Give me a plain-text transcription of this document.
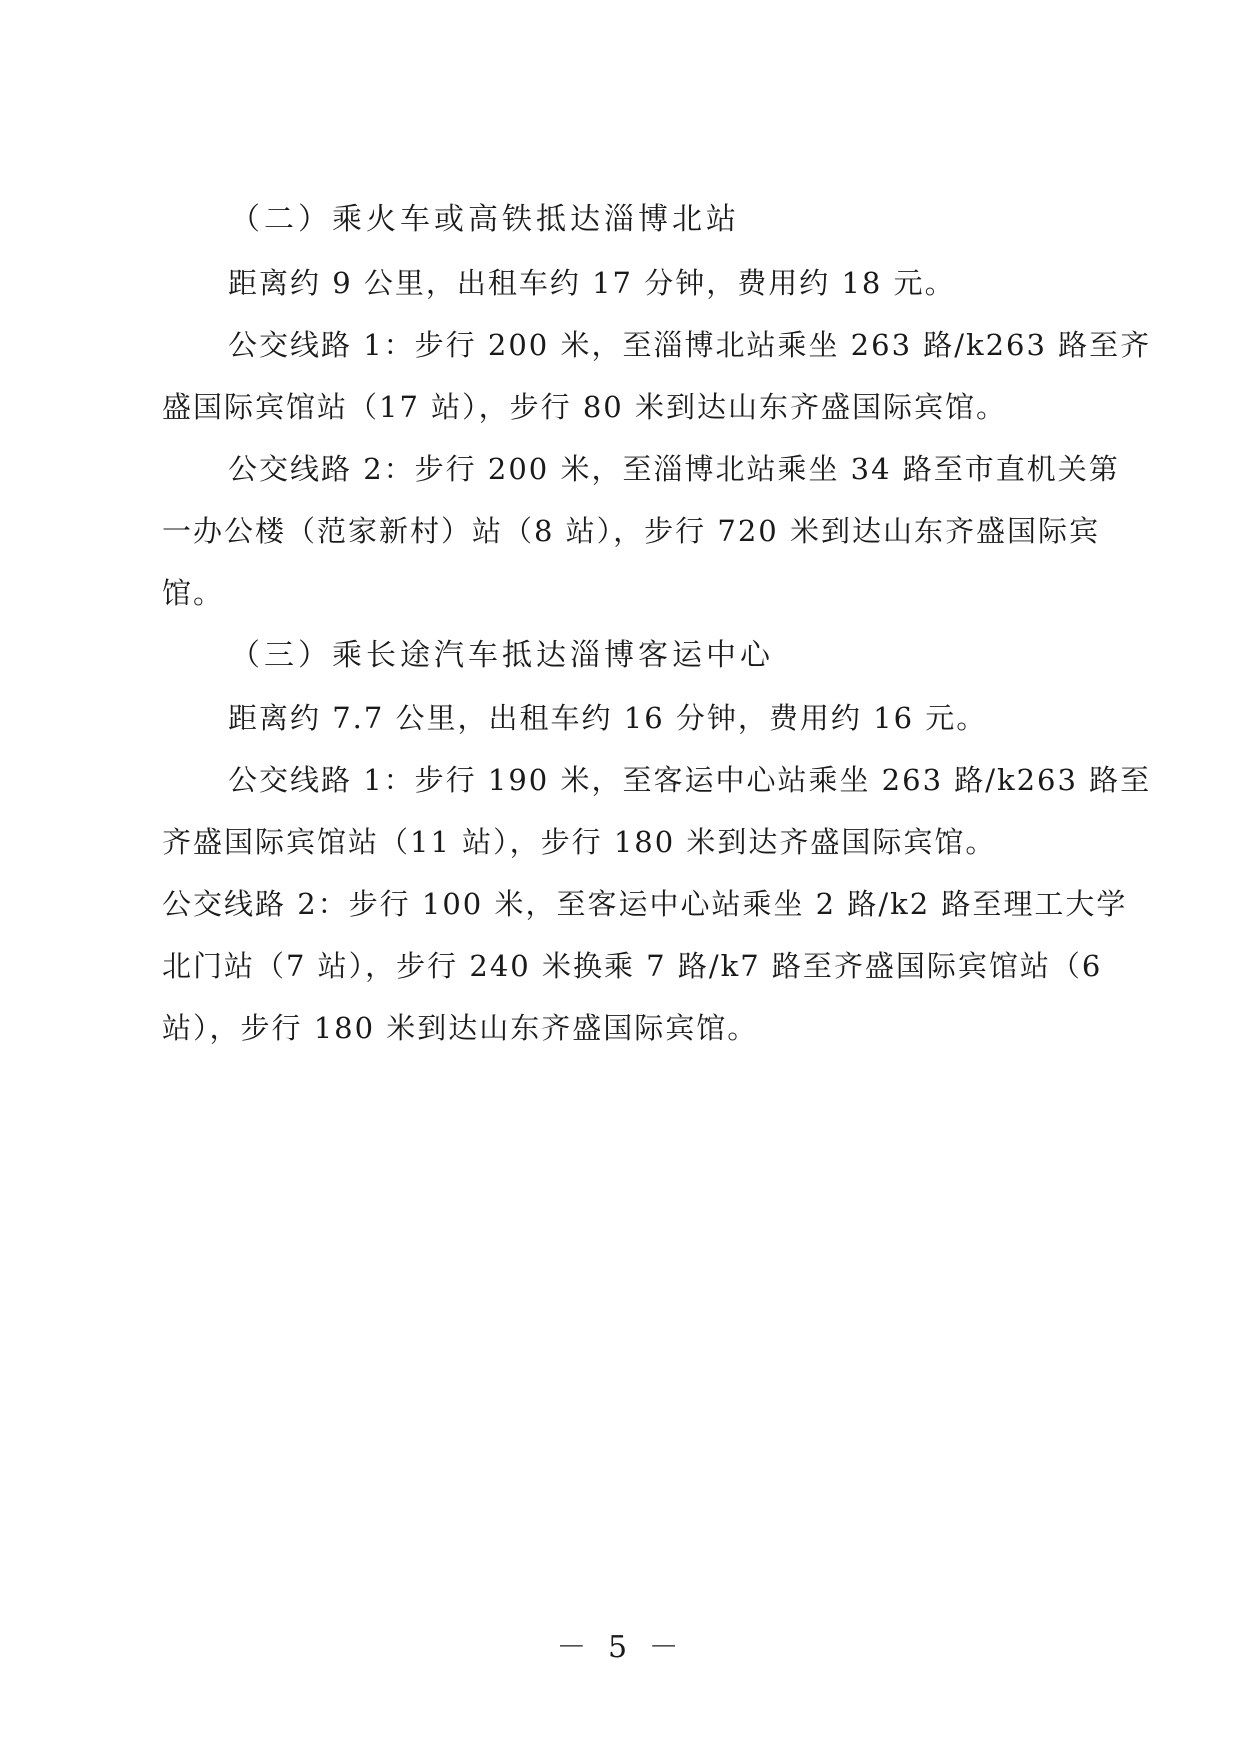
（二）乘火车或高铁抵达淄博北站
距离约 9 公里，出租车约 17 分钟，费用约 18 元。
公交线路 1：步行 200 米，至淄博北站乘坐 263 路/k263 路至齐
盛国际宾馆站（17 站），步行 80 米到达山东齐盛国际宾馆。
公交线路 2：步行 200 米，至淄博北站乘坐 34 路至市直机关第
一办公楼（范家新村）站（8 站），步行 720 米到达山东齐盛国际宾
馆。
（三）乘长途汽车抵达淄博客运中心
距离约 7.7 公里，出租车约 16 分钟，费用约 16 元。
公交线路 1：步行 190 米，至客运中心站乘坐 263 路/k263 路至
齐盛国际宾馆站（11 站），步行 180 米到达齐盛国际宾馆。
公交线路 2：步行 100 米，至客运中心站乘坐 2 路/k2 路至理工大学
北门站（7 站），步行 240 米换乘 7 路/k7 路至齐盛国际宾馆站（6
站），步行 180 米到达山东齐盛国际宾馆。
－ 5 －
